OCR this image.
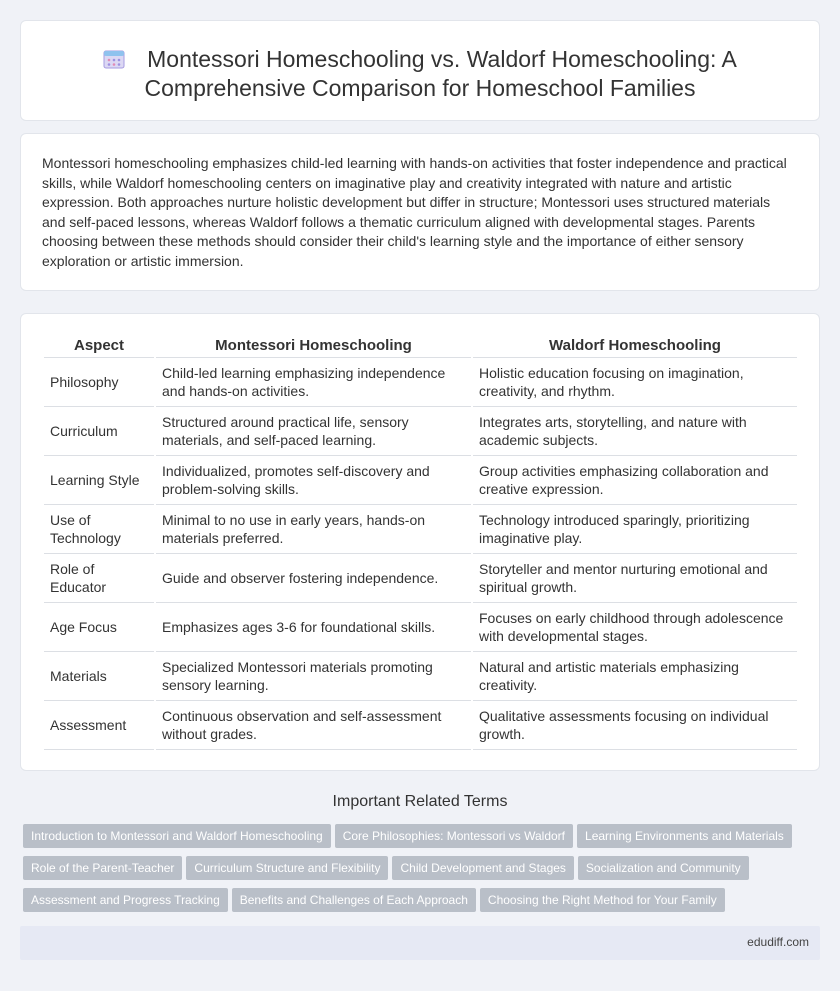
Montessori Homeschooling vs. Waldorf Homeschooling: A Comprehensive Comparison for Homeschool Families

Montessori homeschooling emphasizes child-led learning with hands-on activities that foster independence and practical skills, while Waldorf homeschooling centers on imaginative play and creativity integrated with nature and artistic expression. Both approaches nurture holistic development but differ in structure; Montessori uses structured materials and self-paced lessons, whereas Waldorf follows a thematic curriculum aligned with developmental stages. Parents choosing between these methods should consider their child's learning style and the importance of either sensory exploration or artistic immersion.

Aspect	Montessori Homeschooling	Waldorf Homeschooling
Philosophy	Child-led learning emphasizing independence and hands-on activities.	Holistic education focusing on imagination, creativity, and rhythm.
Curriculum	Structured around practical life, sensory materials, and self-paced learning.	Integrates arts, storytelling, and nature with academic subjects.
Learning Style	Individualized, promotes self-discovery and problem-solving skills.	Group activities emphasizing collaboration and creative expression.
Use of Technology	Minimal to no use in early years, hands-on materials preferred.	Technology introduced sparingly, prioritizing imaginative play.
Role of Educator	Guide and observer fostering independence.	Storyteller and mentor nurturing emotional and spiritual growth.
Age Focus	Emphasizes ages 3-6 for foundational skills.	Focuses on early childhood through adolescence with developmental stages.
Materials	Specialized Montessori materials promoting sensory learning.	Natural and artistic materials emphasizing creativity.
Assessment	Continuous observation and self-assessment without grades.	Qualitative assessments focusing on individual growth.
Important Related Terms
Introduction to Montessori and Waldorf Homeschooling Core Philosophies: Montessori vs Waldorf Learning Environments and MaterialsRole of the Parent-Teacher Curriculum Structure and Flexibility Child Development and Stages Socialization and CommunityAssessment and Progress Tracking Benefits and Challenges of Each Approach Choosing the Right Method for Your Family
edudiff.com
